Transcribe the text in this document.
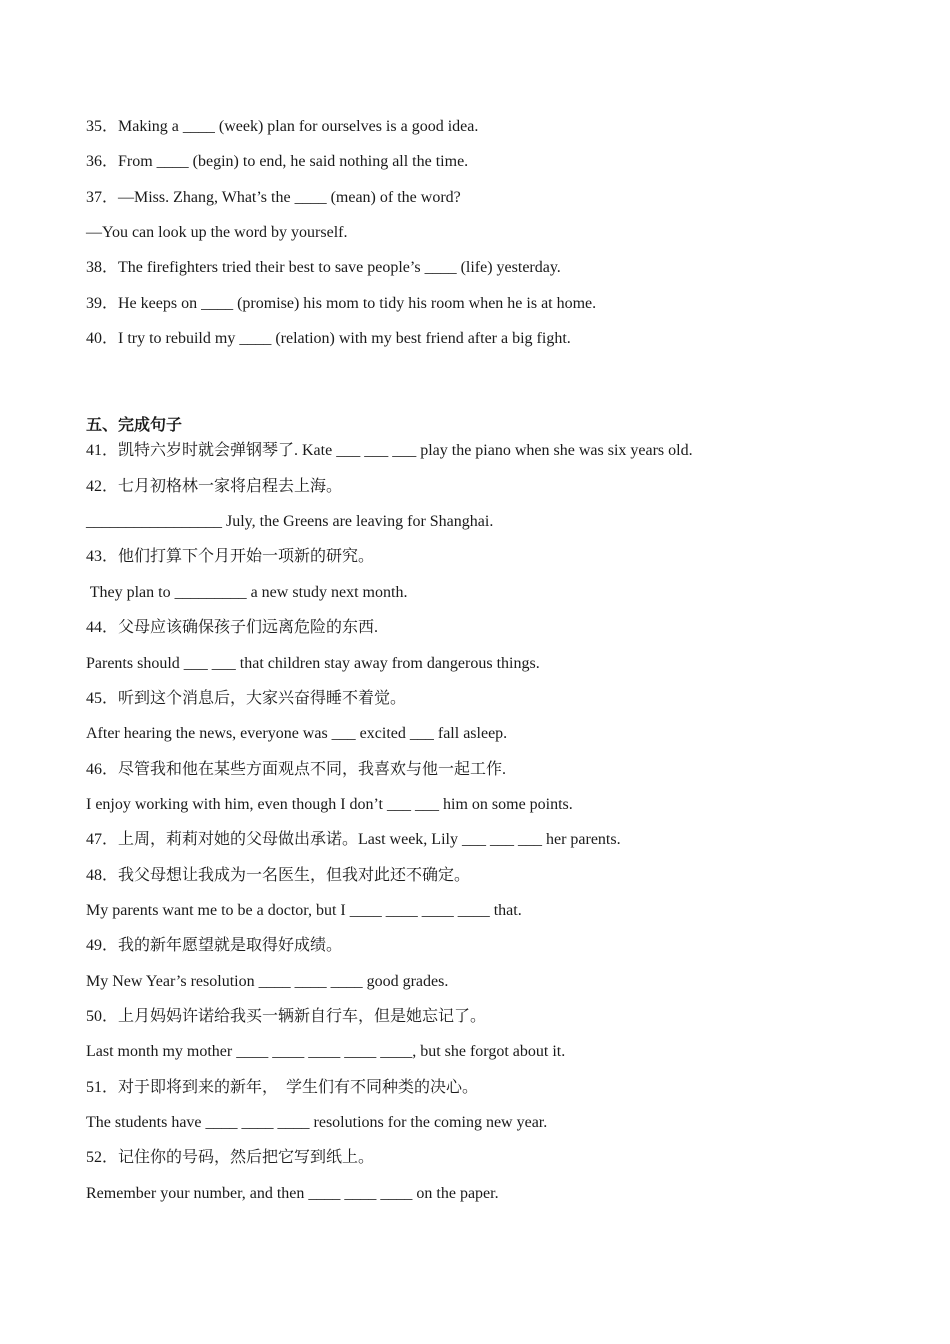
35．Making a ____ (week) plan for ourselves is a good idea.
36．From ____ (begin) to end, he said nothing all the time.
37．—Miss. Zhang, What’s the ____ (mean) of the word?
—You can look up the word by yourself.
38．The firefighters tried their best to save people’s ____ (life) yesterday.
39．He keeps on ____ (promise) his mom to tidy his room when he is at home.
40．I try to rebuild my ____ (relation) with my best friend after a big fight.
五、完成句子
41．凯特六岁时就会弹钢琴了. Kate ___ ___ ___ play the piano when she was six years old.
42．七月初格林一家将启程去上海。
_________________ July, the Greens are leaving for Shanghai.
43．他们打算下个月开始一项新的研究。
They plan to _________ a new study next month.
44．父母应该确保孩子们远离危险的东西.
Parents should ___ ___ that children stay away from dangerous things.
45．听到这个消息后，大家兴奋得睡不着觉。
After hearing the news, everyone was ___ excited ___ fall asleep.
46．尽管我和他在某些方面观点不同，我喜欢与他一起工作.
I enjoy working with him, even though I don’t ___ ___ him on some points.
47．上周，莉莉对她的父母做出承诺。Last week, Lily ___ ___ ___ her parents.
48．我父母想让我成为一名医生，但我对此还不确定。
My parents want me to be a doctor, but I ____ ____ ____ ____ that.
49．我的新年愿望就是取得好成绩。
My New Year’s resolution ____ ____ ____ good grades.
50．上月妈妈许诺给我买一辆新自行车，但是她忘记了。
Last month my mother ____ ____ ____ ____ ____, but she forgot about it.
51．对于即将到来的新年，  学生们有不同种类的决心。
The students have ____ ____ ____ resolutions for the coming new year.
52．记住你的号码，然后把它写到纸上。
Remember your number, and then ____ ____ ____ on the paper.
